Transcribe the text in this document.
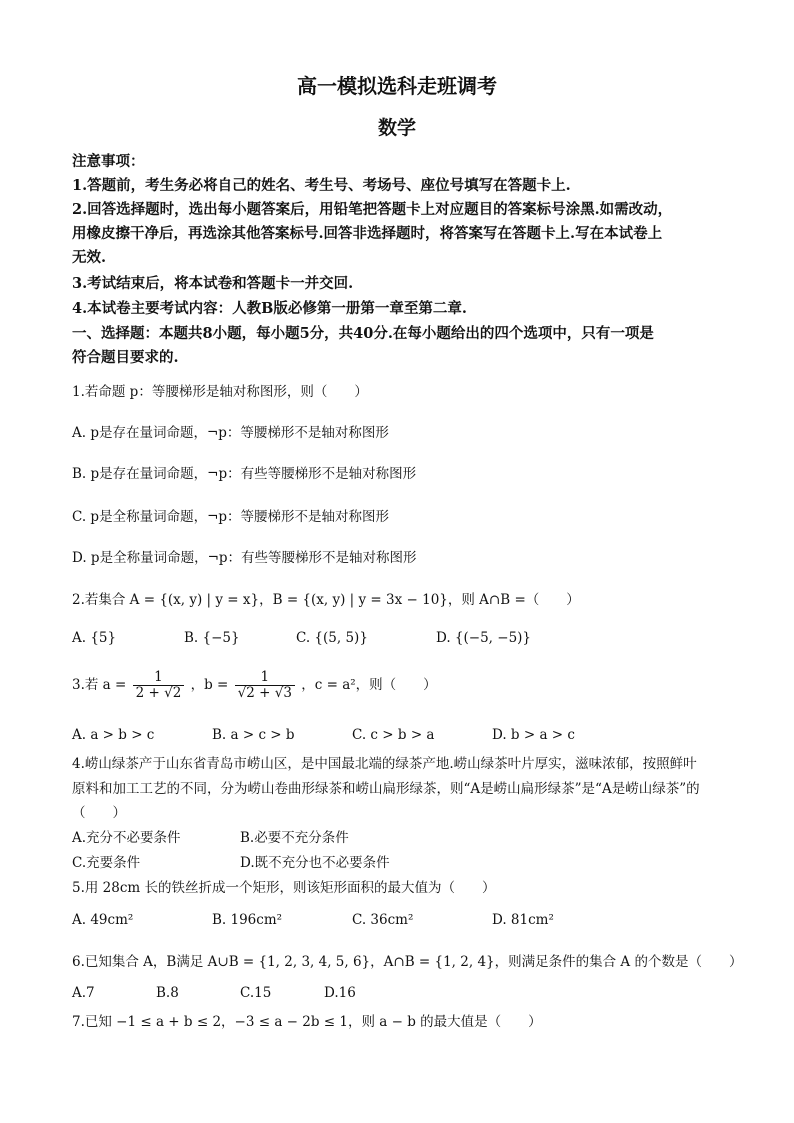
高一模拟选科走班调考
数学
注意事项：
1.答题前，考生务必将自己的姓名、考生号、考场号、座位号填写在答题卡上.
2.回答选择题时，选出每小题答案后，用铅笔把答题卡上对应题目的答案标号涂黑.如需改动，
用橡皮擦干净后，再选涂其他答案标号.回答非选择题时，将答案写在答题卡上.写在本试卷上
无效.
3.考试结束后，将本试卷和答题卡一并交回.
4.本试卷主要考试内容：人教B版必修第一册第一章至第二章.
一、选择题：本题共8小题，每小题5分，共40分.在每小题给出的四个选项中，只有一项是
符合题目要求的.
1.若命题 p：等腰梯形是轴对称图形，则（　　）
A. p是存在量词命题，¬p：等腰梯形不是轴对称图形
B. p是存在量词命题，¬p：有些等腰梯形不是轴对称图形
C. p是全称量词命题，¬p：等腰梯形不是轴对称图形
D. p是全称量词命题，¬p：有些等腰梯形不是轴对称图形
2.若集合 A = {(x, y) | y = x}，B = {(x, y) | y = 3x − 10}，则 A∩B =（　　）
A. {5}	B. {−5}	C. {(5, 5)}	D. {(−5, −5)}
3.若 $a = \frac{1}{2 + √2}$ ，$b = \frac{1}{√2 + √3}$ ，c = a²，则（　　）
A. a > b > c	B. a > c > b	C. c > b > a	D. b > a > c
4.崂山绿茶产于山东省青岛市崂山区，是中国最北端的绿茶产地.崂山绿茶叶片厚实，滋味浓郁，按照鲜叶
原料和加工工艺的不同，分为崂山卷曲形绿茶和崂山扁形绿茶，则“A是崂山扁形绿茶”是“A是崂山绿茶”的
（　　）
A.充分不必要条件	B.必要不充分条件
C.充要条件	D.既不充分也不必要条件
5.用 28cm 长的铁丝折成一个矩形，则该矩形面积的最大值为（　　）
A. 49cm²	B. 196cm²	C. 36cm²	D. 81cm²
6.已知集合 A，B满足 A∪B = {1, 2, 3, 4, 5, 6}，A∩B = {1, 2, 4}，则满足条件的集合 A 的个数是（　　）
A.7	B.8	C.15	D.16
7.已知 −1 ≤ a + b ≤ 2，−3 ≤ a − 2b ≤ 1，则 a − b 的最大值是（　　）
